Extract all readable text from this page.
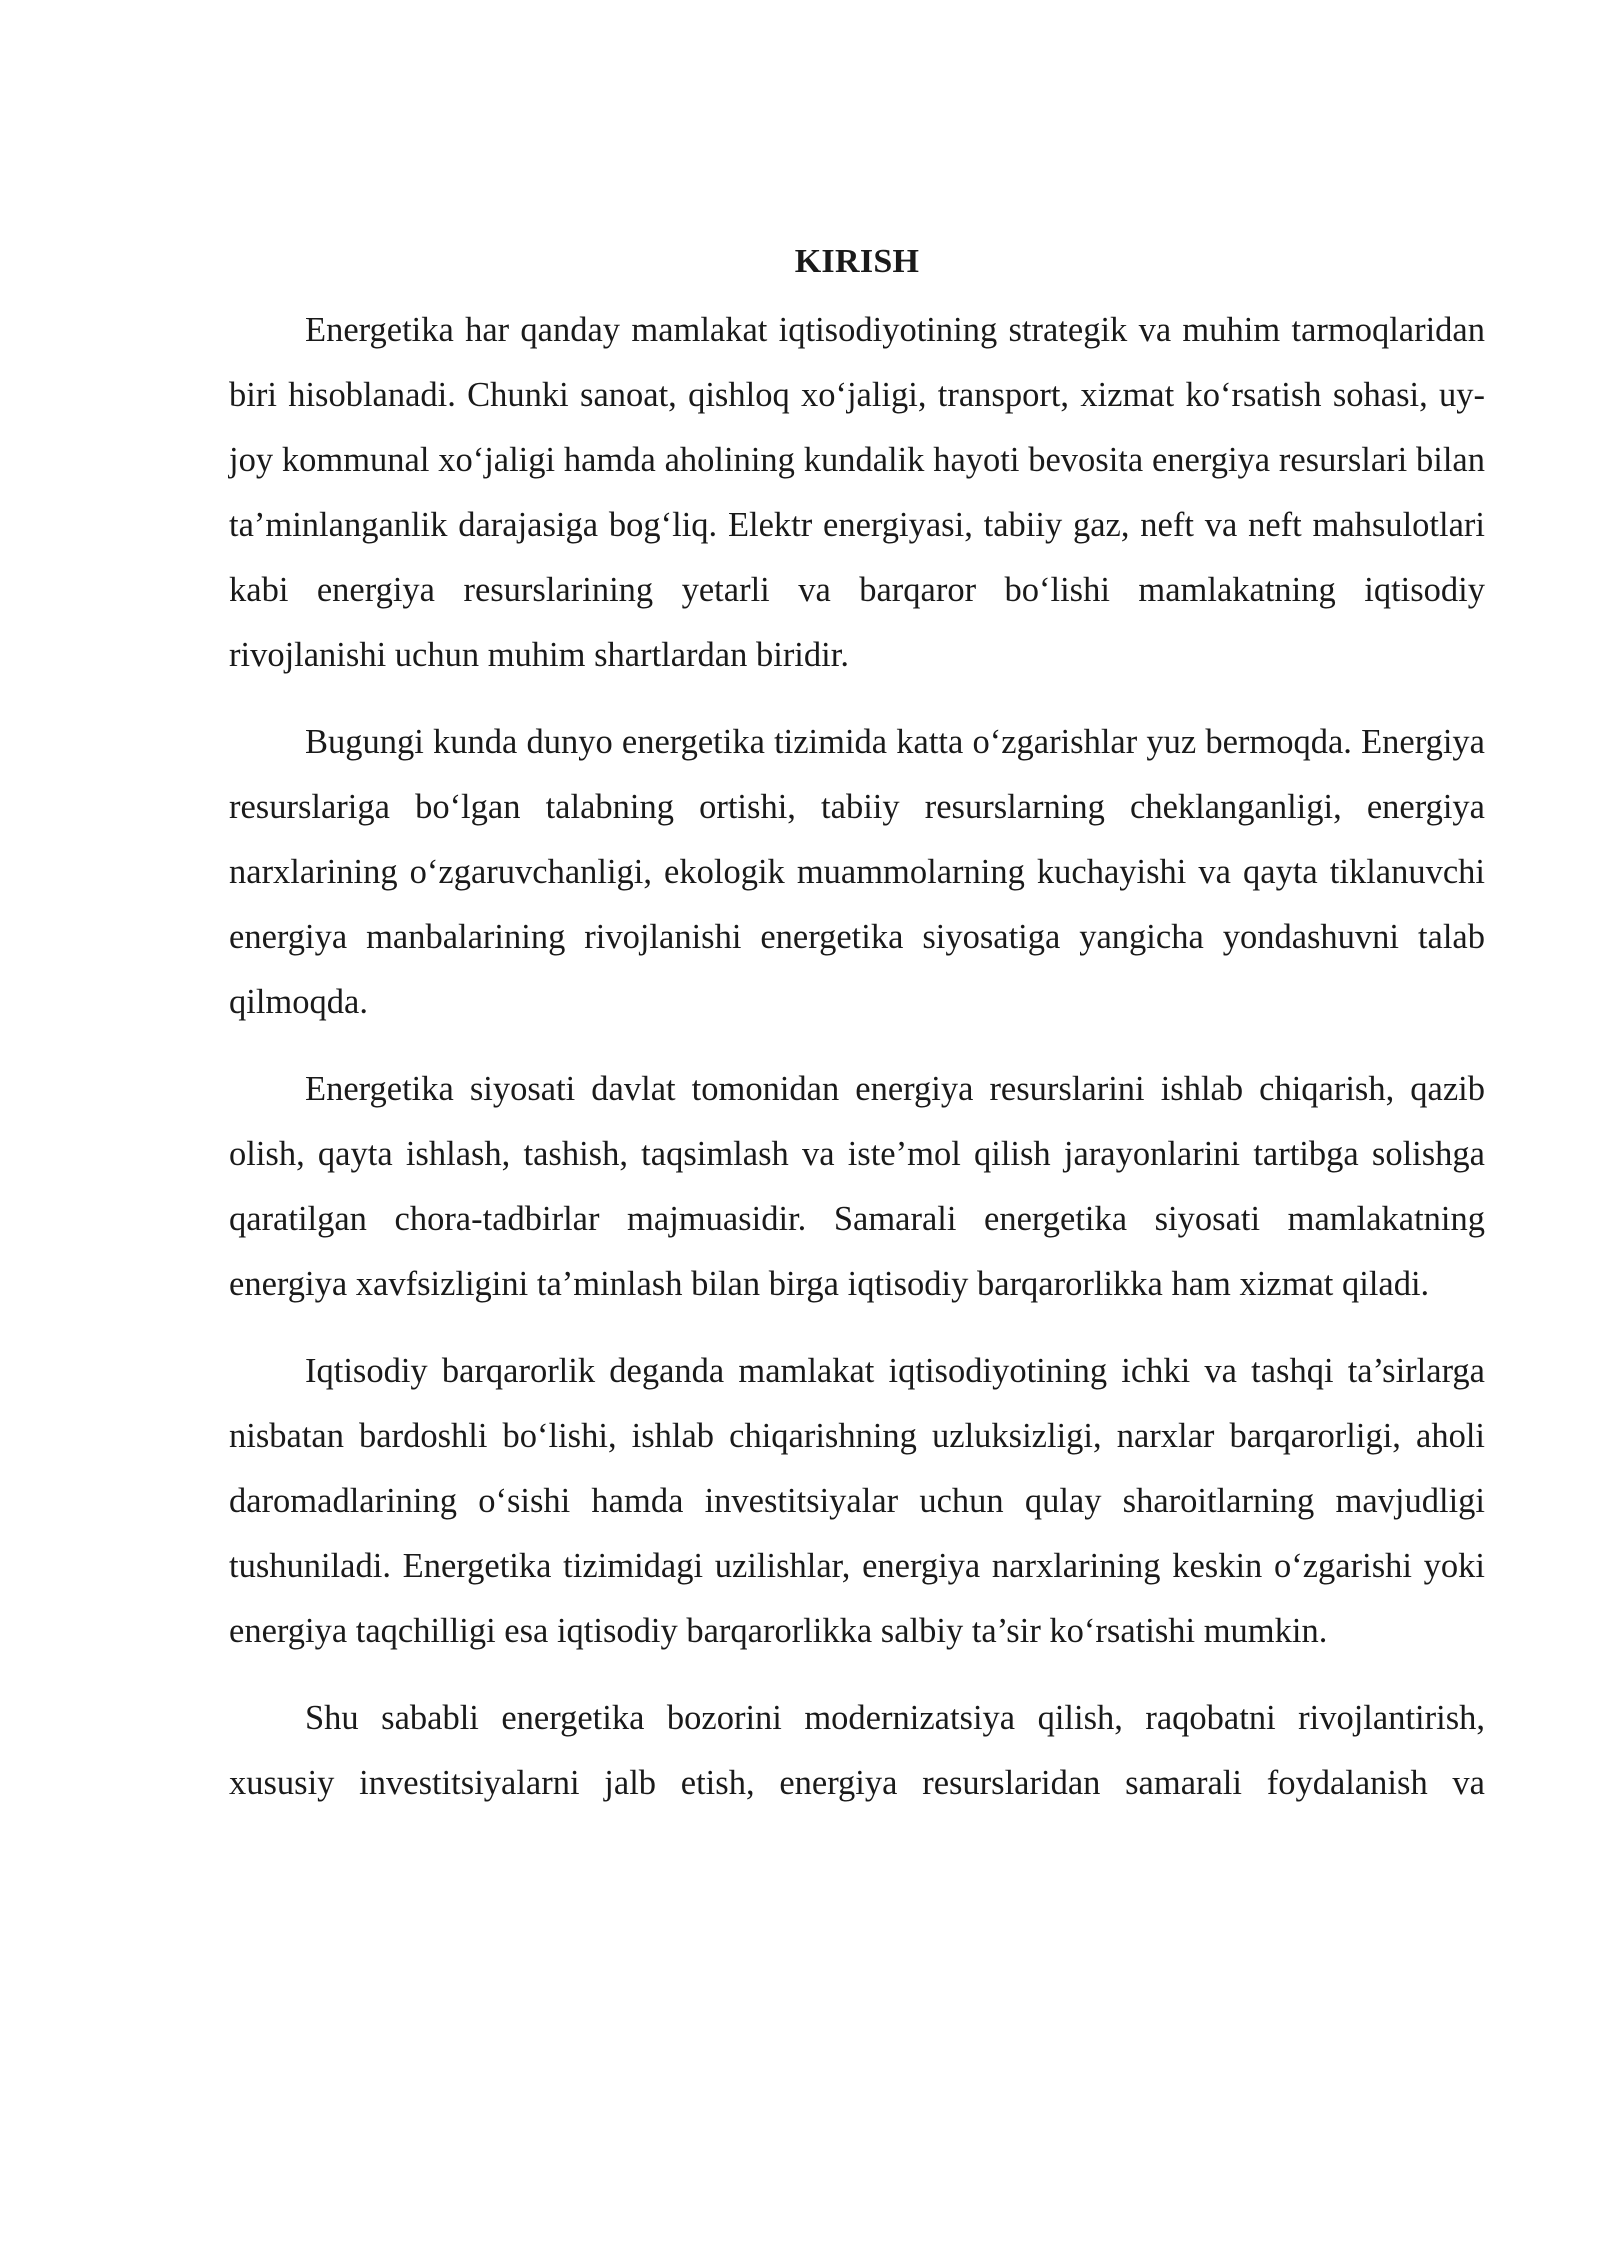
KIRISH

Energetika har qanday mamlakat iqtisodiyotining strategik va muhim tarmoqlaridan biri hisoblanadi. Chunki sanoat, qishloq xo‘jaligi, transport, xizmat ko‘rsatish sohasi, uy-joy kommunal xo‘jaligi hamda aholining kundalik hayoti bevosita energiya resurslari bilan ta’minlanganlik darajasiga bog‘liq. Elektr energiyasi, tabiiy gaz, neft va neft mahsulotlari kabi energiya resurslarining yetarli va barqaror bo‘lishi mamlakatning iqtisodiy rivojlanishi uchun muhim shartlardan biridir.

Bugungi kunda dunyo energetika tizimida katta o‘zgarishlar yuz bermoqda. Energiya resurslariga bo‘lgan talabning ortishi, tabiiy resurslarning cheklanganligi, energiya narxlarining o‘zgaruvchanligi, ekologik muammolarning kuchayishi va qayta tiklanuvchi energiya manbalarining rivojlanishi energetika siyosatiga yangicha yondashuvni talab qilmoqda.

Energetika siyosati davlat tomonidan energiya resurslarini ishlab chiqarish, qazib olish, qayta ishlash, tashish, taqsimlash va iste’mol qilish jarayonlarini tartibga solishga qaratilgan chora-tadbirlar majmuasidir. Samarali energetika siyosati mamlakatning energiya xavfsizligini ta’minlash bilan birga iqtisodiy barqarorlikka ham xizmat qiladi.

Iqtisodiy barqarorlik deganda mamlakat iqtisodiyotining ichki va tashqi ta’sirlarga nisbatan bardoshli bo‘lishi, ishlab chiqarishning uzluksizligi, narxlar barqarorligi, aholi daromadlarining o‘sishi hamda investitsiyalar uchun qulay sharoitlarning mavjudligi tushuniladi. Energetika tizimidagi uzilishlar, energiya narxlarining keskin o‘zgarishi yoki energiya taqchilligi esa iqtisodiy barqarorlikka salbiy ta’sir ko‘rsatishi mumkin.

Shu sababli energetika bozorini modernizatsiya qilish, raqobatni rivojlantirish, xususiy investitsiyalarni jalb etish, energiya resurslaridan samarali foydalanish va
